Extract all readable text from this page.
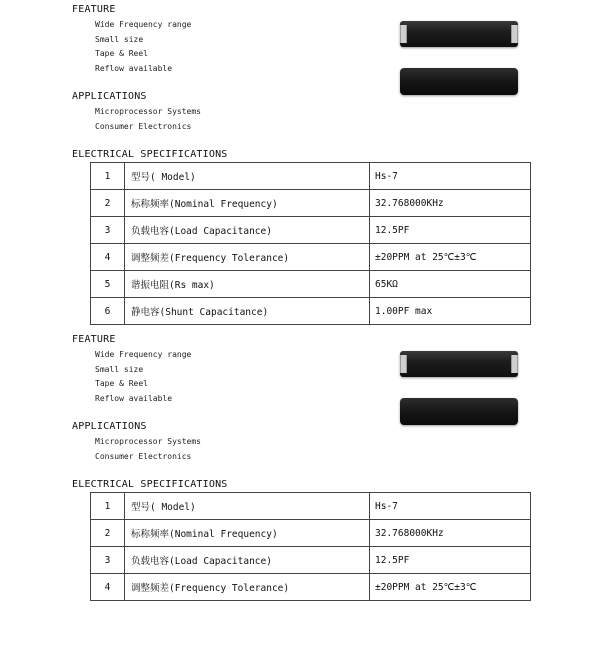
FEATURE
Wide Frequency range
Small size
Tape & Reel
Reflow available
APPLICATIONS
Microprocessor Systems
Consumer Electronics
ELECTRICAL SPECIFICATIONS
1	型号( Model)	Hs-7
2	标称频率(Nominal Frequency)	32.768000KHz
3	负载电容(Load Capacitance)	12.5PF
4	调整频差(Frequency Tolerance)	±20PPM at 25℃±3℃
5	谐振电阻(Rs max)	65KΩ
6	静电容(Shunt Capacitance)	1.00PF max
FEATURE
Wide Frequency range
Small size
Tape & Reel
Reflow available
APPLICATIONS
Microprocessor Systems
Consumer Electronics
ELECTRICAL SPECIFICATIONS
1	型号( Model)	Hs-7
2	标称频率(Nominal Frequency)	32.768000KHz
3	负载电容(Load Capacitance)	12.5PF
4	调整频差(Frequency Tolerance)	±20PPM at 25℃±3℃
